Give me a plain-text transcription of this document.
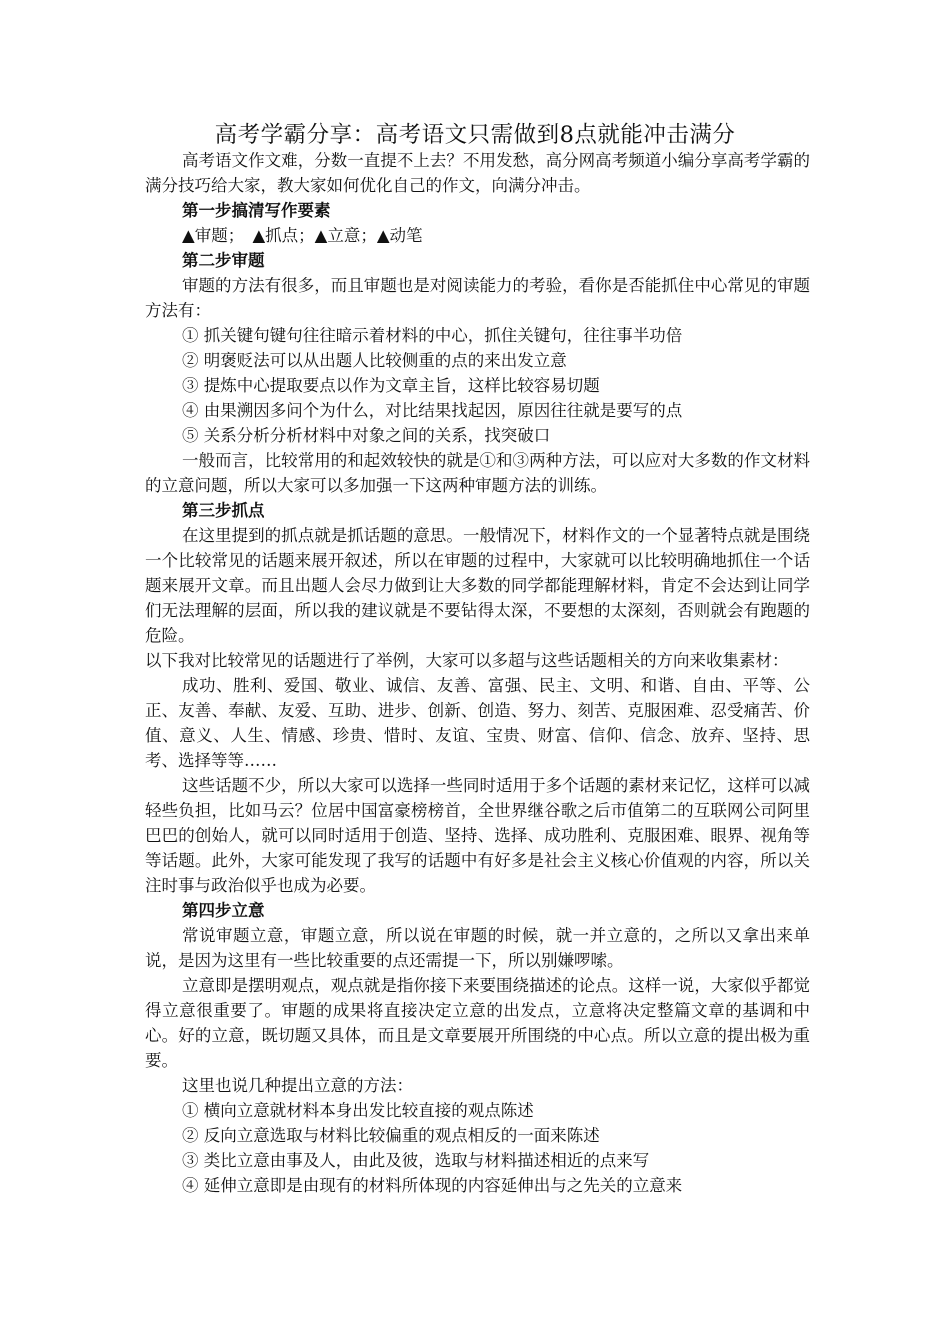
高考学霸分享：高考语文只需做到8点就能冲击满分

高考语文作文难，分数一直提不上去？不用发愁，高分网高考频道小编分享高考学霸的满分技巧给大家，教大家如何优化自己的作文，向满分冲击。

第一步搞清写作要素

▲审题；　▲抓点；▲立意；▲动笔

第二步审题

审题的方法有很多，而且审题也是对阅读能力的考验，看你是否能抓住中心常见的审题方法有：

① 抓关键句键句往往暗示着材料的中心，抓住关键句，往往事半功倍

② 明褒贬法可以从出题人比较侧重的点的来出发立意

③ 提炼中心提取要点以作为文章主旨，这样比较容易切题

④ 由果溯因多问个为什么，对比结果找起因，原因往往就是要写的点

⑤ 关系分析分析材料中对象之间的关系，找突破口

一般而言，比较常用的和起效较快的就是①和③两种方法，可以应对大多数的作文材料的立意问题，所以大家可以多加强一下这两种审题方法的训练。

第三步抓点

在这里提到的抓点就是抓话题的意思。一般情况下，材料作文的一个显著特点就是围绕一个比较常见的话题来展开叙述，所以在审题的过程中，大家就可以比较明确地抓住一个话题来展开文章。而且出题人会尽力做到让大多数的同学都能理解材料，肯定不会达到让同学们无法理解的层面，所以我的建议就是不要钻得太深，不要想的太深刻，否则就会有跑题的危险。

以下我对比较常见的话题进行了举例，大家可以多超与这些话题相关的方向来收集素材：

成功、胜利、爱国、敬业、诚信、友善、富强、民主、文明、和谐、自由、平等、公正、友善、奉献、友爱、互助、进步、创新、创造、努力、刻苦、克服困难、忍受痛苦、价值、意义、人生、情感、珍贵、惜时、友谊、宝贵、财富、信仰、信念、放弃、坚持、思考、选择等等……

这些话题不少，所以大家可以选择一些同时适用于多个话题的素材来记忆，这样可以减轻些负担，比如马云？位居中国富豪榜榜首，全世界继谷歌之后市值第二的互联网公司阿里巴巴的创始人，就可以同时适用于创造、坚持、选择、成功胜利、克服困难、眼界、视角等等话题。此外，大家可能发现了我写的话题中有好多是社会主义核心价值观的内容，所以关注时事与政治似乎也成为必要。

第四步立意

常说审题立意，审题立意，所以说在审题的时候，就一并立意的，之所以又拿出来单说，是因为这里有一些比较重要的点还需提一下，所以别嫌啰嗦。

立意即是摆明观点，观点就是指你接下来要围绕描述的论点。这样一说，大家似乎都觉得立意很重要了。审题的成果将直接决定立意的出发点，立意将决定整篇文章的基调和中心。好的立意，既切题又具体，而且是文章要展开所围绕的中心点。所以立意的提出极为重要。

这里也说几种提出立意的方法：

① 横向立意就材料本身出发比较直接的观点陈述

② 反向立意选取与材料比较偏重的观点相反的一面来陈述

③ 类比立意由事及人，由此及彼，选取与材料描述相近的点来写

④ 延伸立意即是由现有的材料所体现的内容延伸出与之先关的立意来
